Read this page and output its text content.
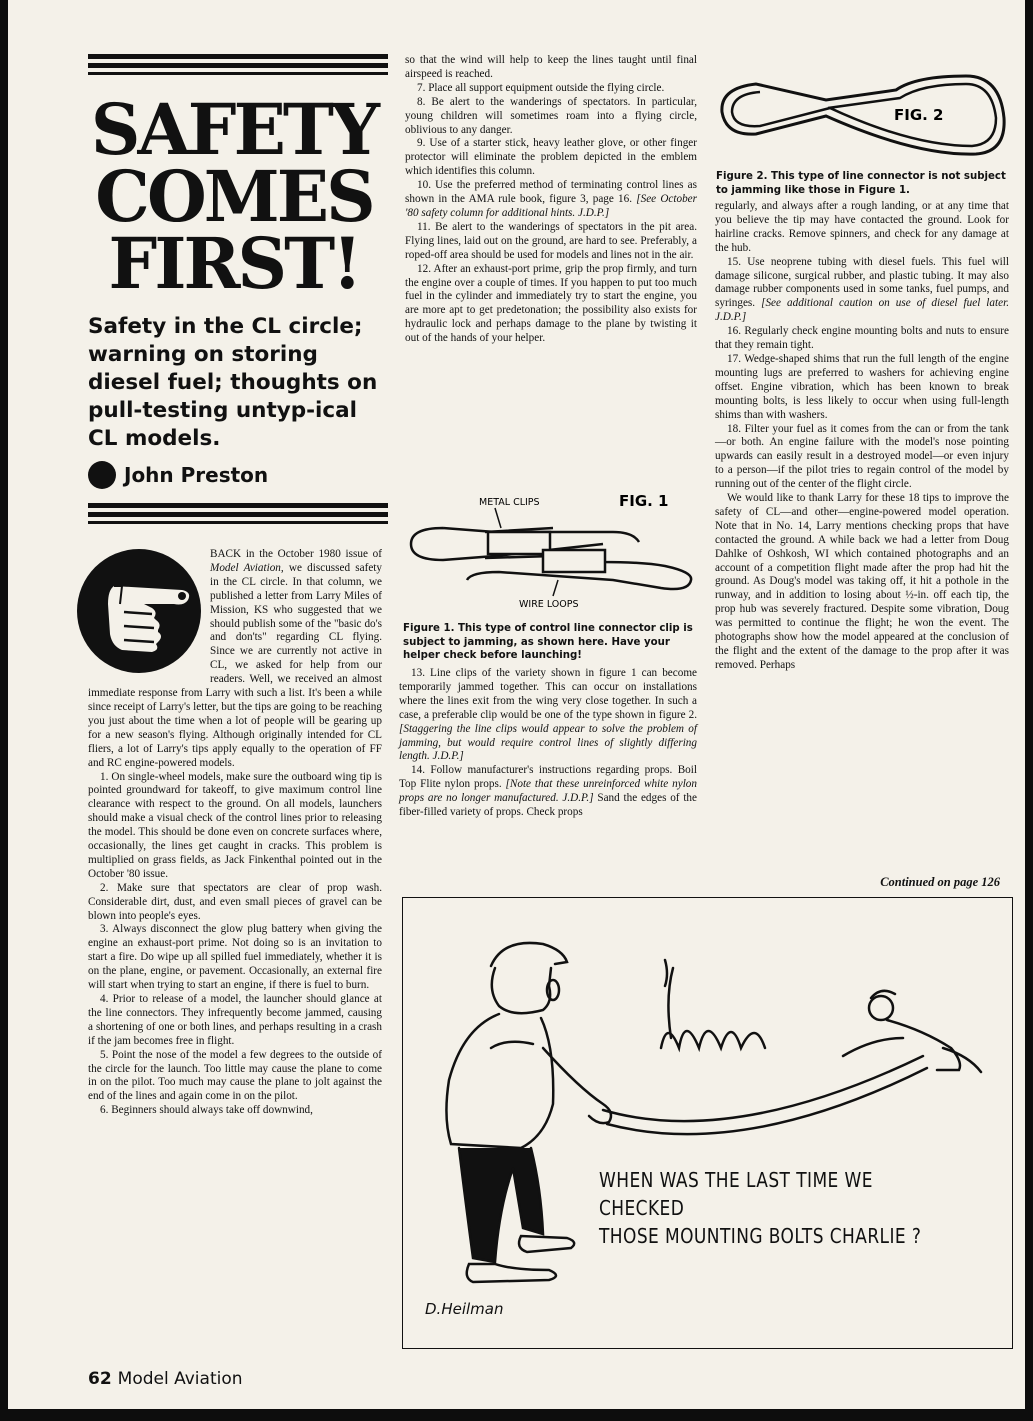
SAFETY
COMES
FIRST!
Safety in the CL circle; warning on storing diesel fuel; thoughts on pull-testing untyp-ical CL models.
John Preston

BACK in the October 1980 issue of Model Aviation, we discussed safety in the CL circle. In that column, we published a letter from Larry Miles of Mission, KS who suggested that we should publish some of the "basic do's and don'ts" regarding CL flying. Since we are currently not active in CL, we asked for help from our readers. Well, we received an almost immediate response from Larry with such a list. It's been a while since receipt of Larry's letter, but the tips are going to be reaching you just about the time when a lot of people will be gearing up for a new season's flying. Although originally intended for CL fliers, a lot of Larry's tips apply equally to the operation of FF and RC engine-powered models.

1. On single-wheel models, make sure the outboard wing tip is pointed groundward for takeoff, to give maximum control line clearance with respect to the ground. On all models, launchers should make a visual check of the control lines prior to releasing the model. This should be done even on concrete surfaces where, occasionally, the lines get caught in cracks. This problem is multiplied on grass fields, as Jack Finkenthal pointed out in the October '80 issue.

2. Make sure that spectators are clear of prop wash. Considerable dirt, dust, and even small pieces of gravel can be blown into people's eyes.

3. Always disconnect the glow plug battery when giving the engine an exhaust-port prime. Not doing so is an invitation to start a fire. Do wipe up all spilled fuel immediately, whether it is on the plane, engine, or pavement. Occasionally, an external fire will start when trying to start an engine, if there is fuel to burn.

4. Prior to release of a model, the launcher should glance at the line connectors. They infrequently become jammed, causing a shortening of one or both lines, and perhaps resulting in a crash if the jam becomes free in flight.

5. Point the nose of the model a few degrees to the outside of the circle for the launch. Too little may cause the plane to come in on the pilot. Too much may cause the plane to jolt against the end of the lines and again come in on the pilot.

6. Beginners should always take off downwind,

so that the wind will help to keep the lines taught until final airspeed is reached.

7. Place all support equipment outside the flying circle.

8. Be alert to the wanderings of spectators. In particular, young children will sometimes roam into a flying circle, oblivious to any danger.

9. Use of a starter stick, heavy leather glove, or other finger protector will eliminate the problem depicted in the emblem which identifies this column.

10. Use the preferred method of terminating control lines as shown in the AMA rule book, figure 3, page 16. [See October '80 safety column for additional hints. J.D.P.]

11. Be alert to the wanderings of spectators in the pit area. Flying lines, laid out on the ground, are hard to see. Preferably, a roped-off area should be used for models and lines not in the air.

12. After an exhaust-port prime, grip the prop firmly, and turn the engine over a couple of times. If you happen to put too much fuel in the cylinder and immediately try to start the engine, you are more apt to get predetonation; the possibility also exists for hydraulic lock and perhaps damage to the plane by twisting it out of the hands of your helper.

METAL CLIPS
WIRE LOOPS
FIG. 1
Figure 1. This type of control line connector clip is subject to jamming, as shown here. Have your helper check before launching!

13. Line clips of the variety shown in figure 1 can become temporarily jammed together. This can occur on installations where the lines exit from the wing very close together. In such a case, a preferable clip would be one of the type shown in figure 2. [Staggering the line clips would appear to solve the problem of jamming, but would require control lines of slightly differing length. J.D.P.]

14. Follow manufacturer's instructions regarding props. Boil Top Flite nylon props. [Note that these unreinforced white nylon props are no longer manufactured. J.D.P.] Sand the edges of the fiber-filled variety of props. Check props

FIG. 2
Figure 2. This type of line connector is not subject to jamming like those in Figure 1.

regularly, and always after a rough landing, or at any time that you believe the tip may have contacted the ground. Look for hairline cracks. Remove spinners, and check for any damage at the hub.

15. Use neoprene tubing with diesel fuels. This fuel will damage silicone, surgical rubber, and plastic tubing. It may also damage rubber components used in some tanks, fuel pumps, and syringes. [See additional caution on use of diesel fuel later. J.D.P.]

16. Regularly check engine mounting bolts and nuts to ensure that they remain tight.

17. Wedge-shaped shims that run the full length of the engine mounting lugs are preferred to washers for achieving engine offset. Engine vibration, which has been known to break mounting bolts, is less likely to occur when using full-length shims than with washers.

18. Filter your fuel as it comes from the can or from the tank—or both. An engine failure with the model's nose pointing upwards can easily result in a destroyed model—or even injury to a person—if the pilot tries to regain control of the model by running out of the center of the flight circle.

We would like to thank Larry for these 18 tips to improve the safety of CL—and other—engine-powered model operation. Note that in No. 14, Larry mentions checking props that have contacted the ground. A while back we had a letter from Doug Dahlke of Oshkosh, WI which contained photographs and an account of a competition flight made after the prop had hit the ground. As Doug's model was taking off, it hit a pothole in the runway, and in addition to losing about ½-in. off each tip, the prop hub was severely fractured. Despite some vibration, Doug was permitted to continue the flight; he won the event. The photographs show how the model appeared at the conclusion of the flight and the extent of the damage to the prop after it was removed. Perhaps

Continued on page 126
WHEN WAS THE LAST TIME WE CHECKED
THOSE MOUNTING BOLTS CHARLIE ?
D.Heilman
62 Model Aviation
